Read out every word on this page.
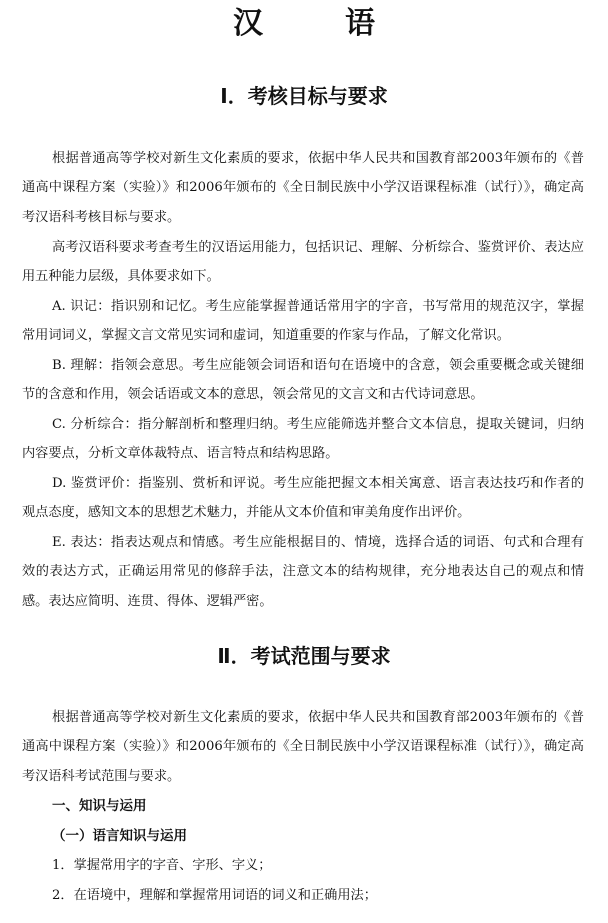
汉　语
Ⅰ．考核目标与要求

根据普通高等学校对新生文化素质的要求，依据中华人民共和国教育部2003年颁布的《普通高中课程方案（实验）》和2006年颁布的《全日制民族中小学汉语课程标准（试行）》，确定高考汉语科考核目标与要求。

高考汉语科要求考查考生的汉语运用能力，包括识记、理解、分析综合、鉴赏评价、表达应用五种能力层级，具体要求如下。

A. 识记：指识别和记忆。考生应能掌握普通话常用字的字音，书写常用的规范汉字，掌握常用词词义，掌握文言文常见实词和虚词，知道重要的作家与作品，了解文化常识。

B. 理解：指领会意思。考生应能领会词语和语句在语境中的含意，领会重要概念或关键细节的含意和作用，领会话语或文本的意思，领会常见的文言文和古代诗词意思。

C. 分析综合：指分解剖析和整理归纳。考生应能筛选并整合文本信息，提取关键词，归纳内容要点，分析文章体裁特点、语言特点和结构思路。

D. 鉴赏评价：指鉴别、赏析和评说。考生应能把握文本相关寓意、语言表达技巧和作者的观点态度，感知文本的思想艺术魅力，并能从文本价值和审美角度作出评价。

E. 表达：指表达观点和情感。考生应能根据目的、情境，选择合适的词语、句式和合理有效的表达方式，正确运用常见的修辞手法，注意文本的结构规律，充分地表达自己的观点和情感。表达应简明、连贯、得体、逻辑严密。

Ⅱ．考试范围与要求

根据普通高等学校对新生文化素质的要求，依据中华人民共和国教育部2003年颁布的《普通高中课程方案（实验）》和2006年颁布的《全日制民族中小学汉语课程标准（试行）》，确定高考汉语科考试范围与要求。

一、知识与运用
（一）语言知识与运用
1．掌握常用字的字音、字形、字义；
2．在语境中，理解和掌握常用词语的词义和正确用法；
